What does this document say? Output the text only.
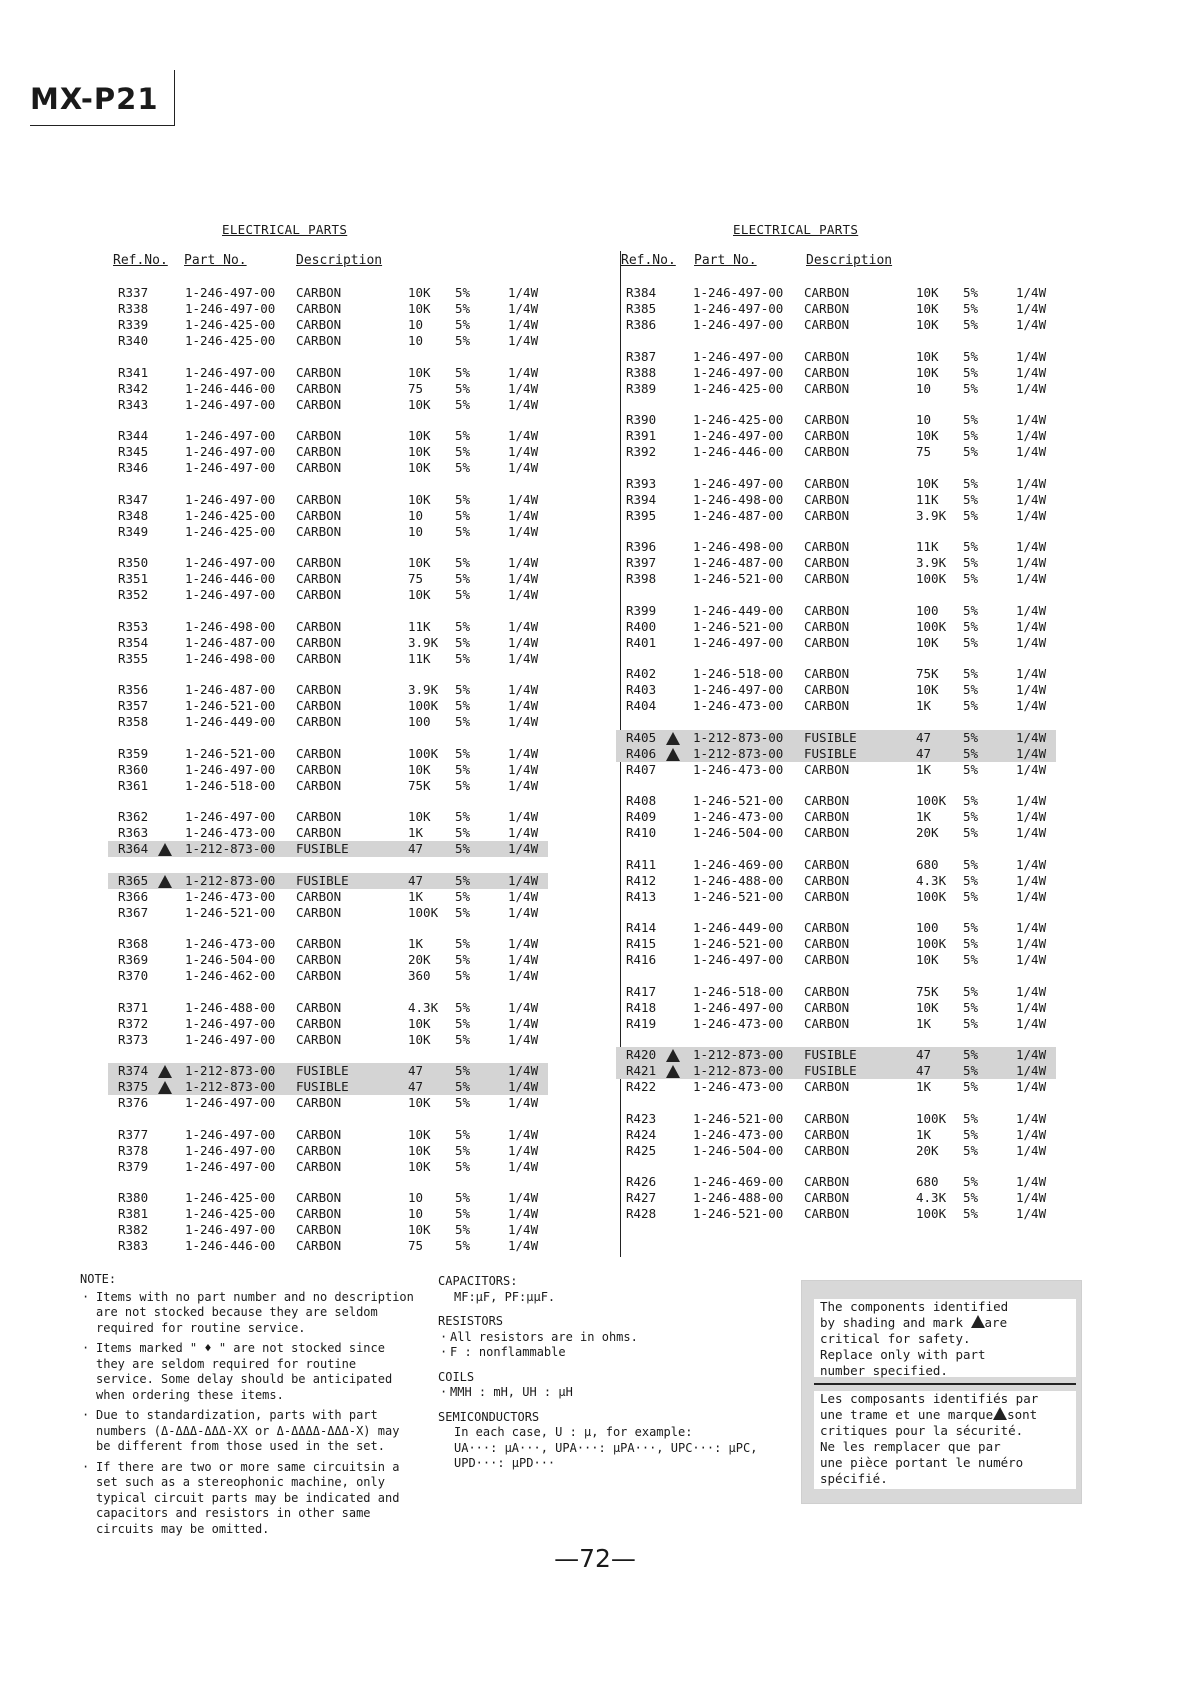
MX-P21
ELECTRICAL PARTS	ELECTRICAL PARTS
Ref.No. Part No.	Description	Ref.No. Part No.	Description
R337	1-246-497-00 CARBON	10K 5%	1/4W
R338	1-246-497-00 CARBON	10K 5%	1/4W
R339	1-246-425-00 CARBON	10	5%	1/4W
R340	1-246-425-00 CARBON	10	5%	1/4W
R341	1-246-497-00 CARBON	10K 5%	1/4W
R342	1-246-446-00 CARBON	75	5%	1/4W
R343	1-246-497-00 CARBON	10K 5%	1/4W
R344	1-246-497-00 CARBON	10K 5%	1/4W
R345	1-246-497-00 CARBON	10K 5%	1/4W
R346	1-246-497-00 CARBON	10K 5%	1/4W
R347	1-246-497-00 CARBON	10K 5%	1/4W
R348	1-246-425-00 CARBON	10	5%	1/4W
R349	1-246-425-00 CARBON	10	5%	1/4W
R350	1-246-497-00 CARBON	10K 5%	1/4W
R351	1-246-446-00 CARBON	75	5%	1/4W
R352	1-246-497-00 CARBON	10K 5%	1/4W
R353	1-246-498-00 CARBON	11K 5%	1/4W
R354	1-246-487-00 CARBON	3.9K 5%	1/4W
R355	1-246-498-00 CARBON	11K 5%	1/4W
R356	1-246-487-00 CARBON	3.9K 5%	1/4W
R357	1-246-521-00 CARBON	100K 5%	1/4W
R358	1-246-449-00 CARBON	100 5%	1/4W
R359	1-246-521-00 CARBON	100K 5%	1/4W
R360	1-246-497-00 CARBON	10K 5%	1/4W
R361	1-246-518-00 CARBON	75K 5%	1/4W
R362	1-246-497-00 CARBON	10K 5%	1/4W
R363	1-246-473-00 CARBON	1K	5%	1/4W
R364	1-212-873-00 FUSIBLE	47	5%	1/4W
R365	1-212-873-00 FUSIBLE	47	5%	1/4W
R366	1-246-473-00 CARBON	1K	5%	1/4W
R367	1-246-521-00 CARBON	100K 5%	1/4W
R368	1-246-473-00 CARBON	1K	5%	1/4W
R369	1-246-504-00 CARBON	20K 5%	1/4W
R370	1-246-462-00 CARBON	360 5%	1/4W
R371	1-246-488-00 CARBON	4.3K 5%	1/4W
R372	1-246-497-00 CARBON	10K 5%	1/4W
R373	1-246-497-00 CARBON	10K 5%	1/4W
R374	1-212-873-00 FUSIBLE	47	5%	1/4W
R375	1-212-873-00 FUSIBLE	47	5%	1/4W
R376	1-246-497-00 CARBON	10K 5%	1/4W
R377	1-246-497-00 CARBON	10K 5%	1/4W
R378	1-246-497-00 CARBON	10K 5%	1/4W
R379	1-246-497-00 CARBON	10K 5%	1/4W
R380	1-246-425-00 CARBON	10	5%	1/4W
R381	1-246-425-00 CARBON	10	5%	1/4W
R382	1-246-497-00 CARBON	10K 5%	1/4W
R383	1-246-446-00 CARBON	75	5%	1/4W
R384	1-246-497-00 CARBON	10K 5%	1/4W
R385	1-246-497-00 CARBON	10K 5%	1/4W
R386	1-246-497-00 CARBON	10K 5%	1/4W
R387	1-246-497-00 CARBON	10K 5%	1/4W
R388	1-246-497-00 CARBON	10K 5%	1/4W
R389	1-246-425-00 CARBON	10	5%	1/4W
R390	1-246-425-00 CARBON	10	5%	1/4W
R391	1-246-497-00 CARBON	10K 5%	1/4W
R392	1-246-446-00 CARBON	75	5%	1/4W
R393	1-246-497-00 CARBON	10K 5%	1/4W
R394	1-246-498-00 CARBON	11K 5%	1/4W
R395	1-246-487-00 CARBON	3.9K 5%	1/4W
R396	1-246-498-00 CARBON	11K 5%	1/4W
R397	1-246-487-00 CARBON	3.9K 5%	1/4W
R398	1-246-521-00 CARBON	100K 5%	1/4W
R399	1-246-449-00 CARBON	100 5%	1/4W
R400	1-246-521-00 CARBON	100K 5%	1/4W
R401	1-246-497-00 CARBON	10K 5%	1/4W
R402	1-246-518-00 CARBON	75K 5%	1/4W
R403	1-246-497-00 CARBON	10K 5%	1/4W
R404	1-246-473-00 CARBON	1K	5%	1/4W
R405	1-212-873-00 FUSIBLE	47	5%	1/4W
R406	1-212-873-00 FUSIBLE	47	5%	1/4W
R407	1-246-473-00 CARBON	1K	5%	1/4W
R408	1-246-521-00 CARBON	100K 5%	1/4W
R409	1-246-473-00 CARBON	1K	5%	1/4W
R410	1-246-504-00 CARBON	20K 5%	1/4W
R411	1-246-469-00 CARBON	680 5%	1/4W
R412	1-246-488-00 CARBON	4.3K 5%	1/4W
R413	1-246-521-00 CARBON	100K 5%	1/4W
R414	1-246-449-00 CARBON	100 5%	1/4W
R415	1-246-521-00 CARBON	100K 5%	1/4W
R416	1-246-497-00 CARBON	10K 5%	1/4W
R417	1-246-518-00 CARBON	75K 5%	1/4W
R418	1-246-497-00 CARBON	10K 5%	1/4W
R419	1-246-473-00 CARBON	1K	5%	1/4W
R420	1-212-873-00 FUSIBLE	47	5%	1/4W
R421	1-212-873-00 FUSIBLE	47	5%	1/4W
R422	1-246-473-00 CARBON	1K	5%	1/4W
R423	1-246-521-00 CARBON	100K 5%	1/4W
R424	1-246-473-00 CARBON	1K	5%	1/4W
R425	1-246-504-00 CARBON	20K 5%	1/4W
R426	1-246-469-00 CARBON	680 5%	1/4W
R427	1-246-488-00 CARBON	4.3K 5%	1/4W
R428	1-246-521-00 CARBON	100K 5%	1/4W
NOTE:
· Items with no part number and no description are not stocked because they are seldom required for routine service.
· Items marked " ♦ " are not stocked since they are seldom required for routine service. Some delay should be anticipated when ordering these items.
· Due to standardization, parts with part numbers (Δ-ΔΔΔ-ΔΔΔ-XX or Δ-ΔΔΔΔ-ΔΔΔ-X) may be different from those used in the set.
· If there are two or more same circuitsin a set such as a stereophonic machine, only typical circuit parts may be indicated and capacitors and resistors in other same circuits may be omitted.
CAPACITORS:
MF:μF, PF:μμF.
RESISTORS
· All resistors are in ohms.
· F : nonflammable
COILS
· MMH : mH, UH : μH
SEMICONDUCTORS
In each case, U : μ, for example:
UA···: μA···, UPA···: μPA···, UPC···: μPC,
UPD···: μPD···
The components identified
by shading and mark are
critical for safety.
Replace only with part
number specified.
Les composants identifiés par
une trame et une marque sont
critiques pour la sécurité.
Ne les remplacer que par
une pièce portant le numéro
spécifié.
—72—
